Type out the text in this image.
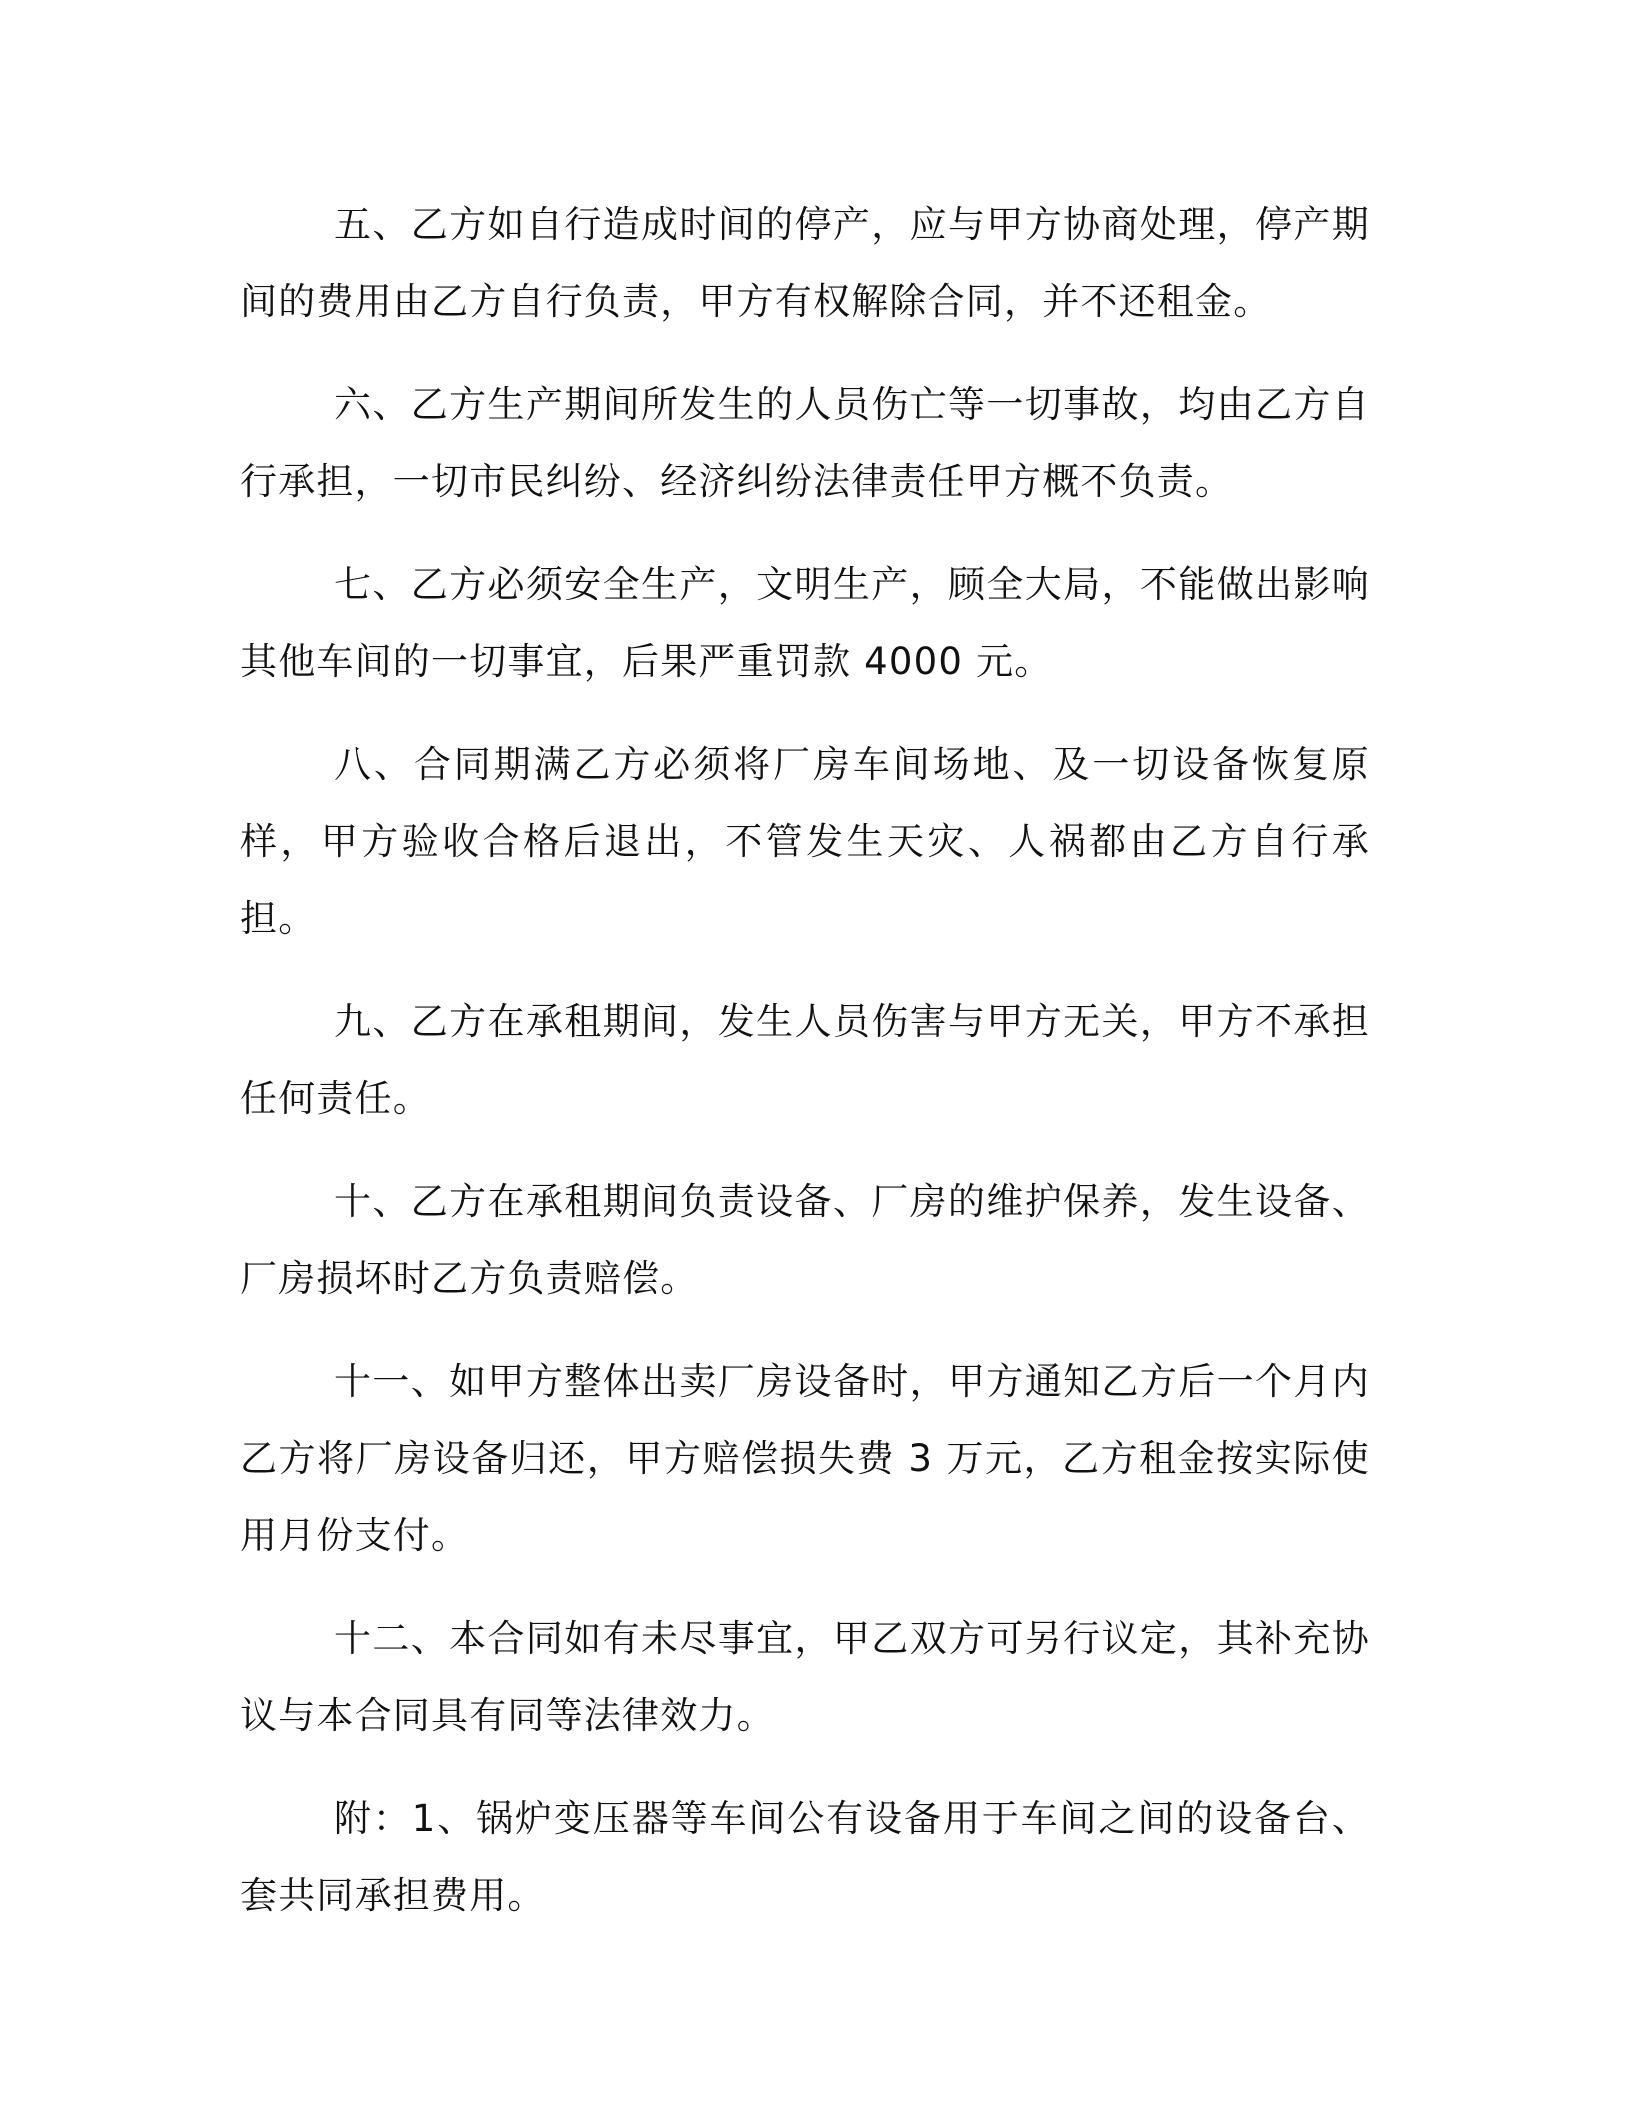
五、乙方如自行造成时间的停产，应与甲方协商处理，停产期间的费用由乙方自行负责，甲方有权解除合同，并不还租金。

六、乙方生产期间所发生的人员伤亡等一切事故，均由乙方自行承担，一切市民纠纷、经济纠纷法律责任甲方概不负责。

七、乙方必须安全生产，文明生产，顾全大局，不能做出影响其他车间的一切事宜，后果严重罚款 4000 元。

八、合同期满乙方必须将厂房车间场地、及一切设备恢复原样，甲方验收合格后退出，不管发生天灾、人祸都由乙方自行承担。

九、乙方在承租期间，发生人员伤害与甲方无关，甲方不承担任何责任。

十、乙方在承租期间负责设备、厂房的维护保养，发生设备、厂房损坏时乙方负责赔偿。

十一、如甲方整体出卖厂房设备时，甲方通知乙方后一个月内乙方将厂房设备归还，甲方赔偿损失费 3 万元，乙方租金按实际使用月份支付。

十二、本合同如有未尽事宜，甲乙双方可另行议定，其补充协议与本合同具有同等法律效力。

附：1、锅炉变压器等车间公有设备用于车间之间的设备台、套共同承担费用。
